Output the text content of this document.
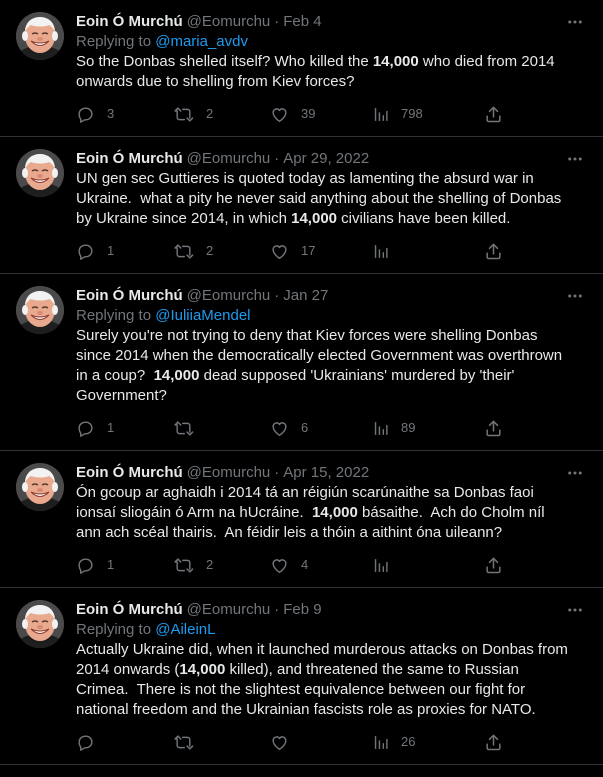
Eoin Ó Murchú @Eomurchu · Feb 4
Replying to @maria_avdv
So the Donbas shelled itself? Who killed the 14,000 who died from 2014 onwards due to shelling from Kiev forces?
3	2	39	798
Eoin Ó Murchú @Eomurchu · Apr 29, 2022
UN gen sec Guttieres is quoted today as lamenting the absurd war in Ukraine.  what a pity he never said anything about the shelling of Donbas by Ukraine since 2014, in which 14,000 civilians have been killed.
1	2	17
Eoin Ó Murchú @Eomurchu · Jan 27
Replying to @IuliiaMendel
Surely you're not trying to deny that Kiev forces were shelling Donbas since 2014 when the democratically elected Government was overthrown in a coup?  14,000 dead supposed 'Ukrainians' murdered by 'their' Government?
1	6	89
Eoin Ó Murchú @Eomurchu · Apr 15, 2022
Ón gcoup ar aghaidh i 2014 tá an réigiún scarúnaithe sa Donbas faoi ionsaí sliogáin ó Arm na hUcráine.  14,000 básaithe.  Ach do Cholm níl ann ach scéal thairis.  An féidir leis a thóin a aithint óna uileann?
1	2	4
Eoin Ó Murchú @Eomurchu · Feb 9
Replying to @AileinL
Actually Ukraine did, when it launched murderous attacks on Donbas from 2014 onwards (14,000 killed), and threatened the same to Russian Crimea.  There is not the slightest equivalence between our fight for national freedom and the Ukrainian fascists role as proxies for NATO.
26
